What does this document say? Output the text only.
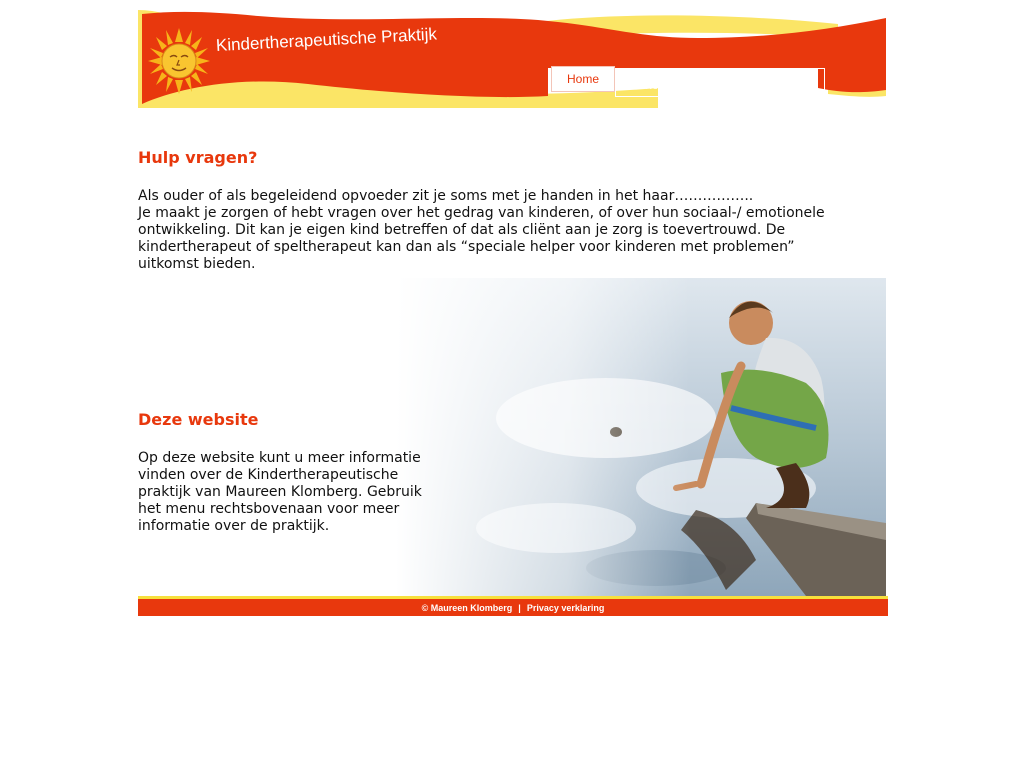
Kindertherapeutische Praktijk
Home	Methoden	Indicaties	Contact
Hulp vragen?
Als ouder of als begeleidend opvoeder zit je soms met je handen in het haar……………..
Je maakt je zorgen of hebt vragen over het gedrag van kinderen, of over hun sociaal-/ emotionele
ontwikkeling. Dit kan je eigen kind betreffen of dat als cliënt aan je zorg is toevertrouwd. De
kindertherapeut of speltherapeut kan dan als “speciale helper voor kinderen met problemen”
uitkomst bieden.
Deze website
Op deze website kunt u meer informatie
vinden over de Kindertherapeutische
praktijk van Maureen Klomberg. Gebruik
het menu rechtsbovenaan voor meer
informatie over de praktijk.
© Maureen Klomberg | Privacy verklaring
